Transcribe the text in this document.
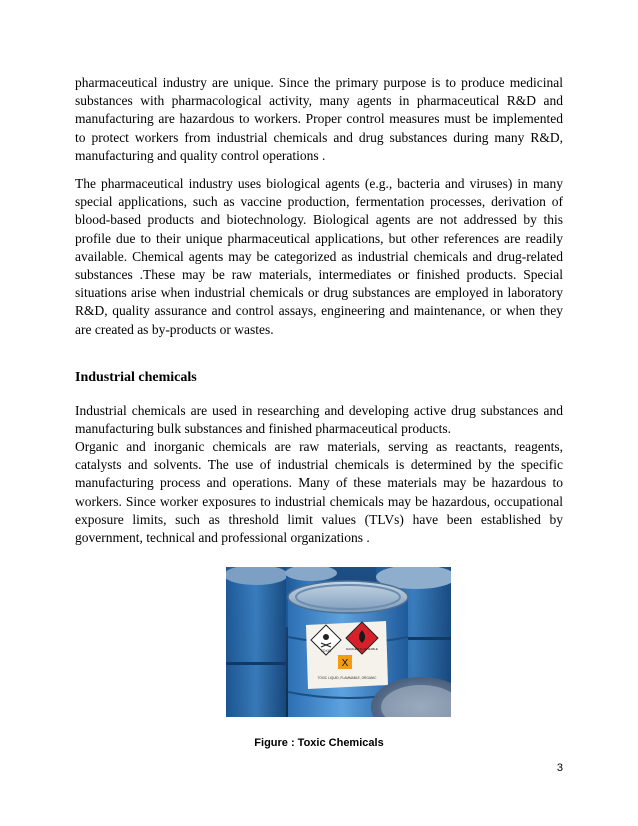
pharmaceutical industry are unique. Since the primary purpose is to produce medicinal substances with pharmacological activity, many agents in pharmaceutical R&D and manufacturing are hazardous to workers. Proper control measures must be implemented to protect workers from industrial chemicals and drug substances during many R&D, manufacturing and quality control operations .

The pharmaceutical industry uses biological agents (e.g., bacteria and viruses) in many special applications, such as vaccine production, fermentation processes, derivation of blood-based products and biotechnology. Biological agents are not addressed by this profile due to their unique pharmaceutical applications, but other references are readily available. Chemical agents may be categorized as industrial chemicals and drug-related substances .These may be raw materials, intermediates or finished products. Special situations arise when industrial chemicals or drug substances are employed in laboratory R&D, quality assurance and control assays, engineering and maintenance, or when they are created as by-products or wastes.

Industrial chemicals

Industrial chemicals are used in researching and developing active drug substances and manufacturing bulk substances and finished pharmaceutical products.

Organic and inorganic chemicals are raw materials, serving as reactants, reagents, catalysts and solvents. The use of industrial chemicals is determined by the specific manufacturing process and operations. Many of these materials may be hazardous to workers. Since worker exposures to industrial chemicals may be hazardous, occupational exposure limits, such as threshold limit values (TLVs) have been established by government, technical and professional organizations .

TOXIC	DANGER FLAMMABLE
X
TOXIC LIQUID, FLAMMABLE, ORGANIC
Figure : Toxic Chemicals
3
